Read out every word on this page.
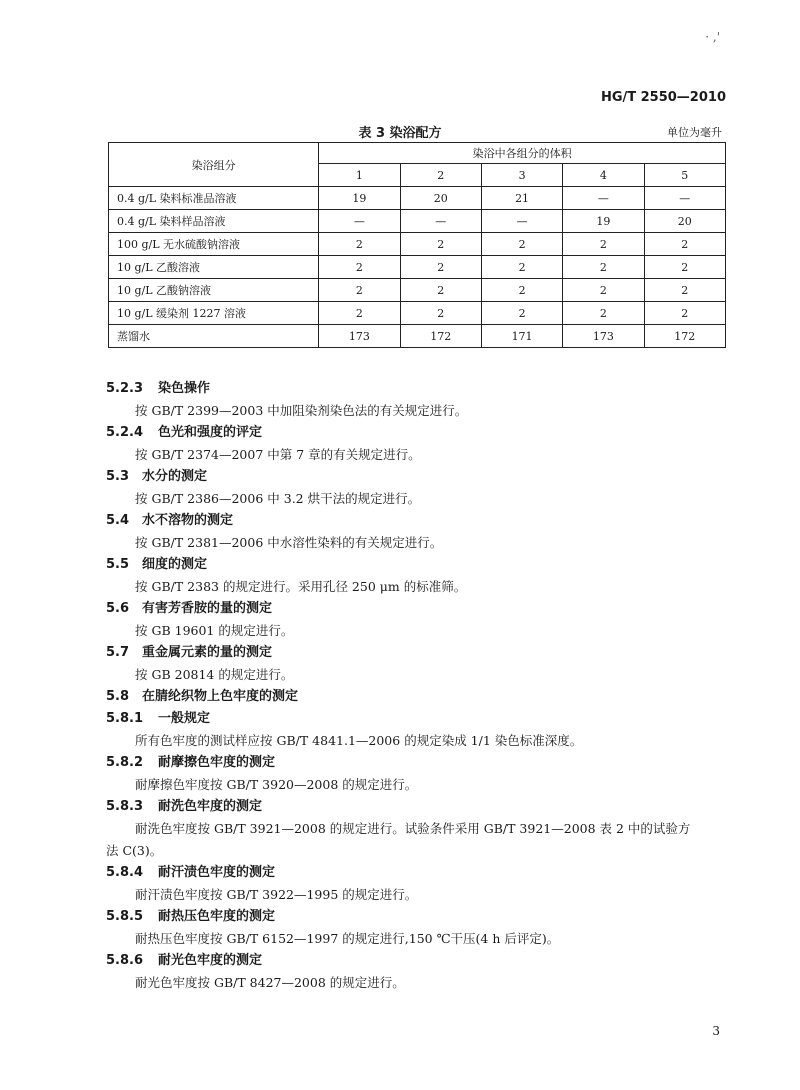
· ,'
HG/T 2550—2010
表 3 染浴配方	单位为毫升
染浴组分	染浴中各组分的体积				
	1	2	3	4	5
0.4 g/L 染料标准品溶液	19	20	21	—	—
0.4 g/L 染料样品溶液	—	—	—	19	20
100 g/L 无水硫酸钠溶液	2	2	2	2	2
10 g/L 乙酸溶液	2	2	2	2	2
10 g/L 乙酸钠溶液	2	2	2	2	2
10 g/L 缓染剂 1227 溶液	2	2	2	2	2
蒸馏水	173	172	171	173	172
5.2.3 染色操作

按 GB/T 2399—2003 中加阻染剂染色法的有关规定进行。

5.2.4 色光和强度的评定

按 GB/T 2374—2007 中第 7 章的有关规定进行。

5.3 水分的测定

按 GB/T 2386—2006 中 3.2 烘干法的规定进行。

5.4 水不溶物的测定

按 GB/T 2381—2006 中水溶性染料的有关规定进行。

5.5 细度的测定

按 GB/T 2383 的规定进行。采用孔径 250 μm 的标准筛。

5.6 有害芳香胺的量的测定

按 GB 19601 的规定进行。

5.7 重金属元素的量的测定

按 GB 20814 的规定进行。

5.8 在腈纶织物上色牢度的测定
5.8.1 一般规定

所有色牢度的测试样应按 GB/T 4841.1—2006 的规定染成 1/1 染色标准深度。

5.8.2 耐摩擦色牢度的测定

耐摩擦色牢度按 GB/T 3920—2008 的规定进行。

5.8.3 耐洗色牢度的测定

耐洗色牢度按 GB/T 3921—2008 的规定进行。试验条件采用 GB/T 3921—2008 表 2 中的试验方
法 C(3)。

5.8.4 耐汗渍色牢度的测定

耐汗渍色牢度按 GB/T 3922—1995 的规定进行。

5.8.5 耐热压色牢度的测定

耐热压色牢度按 GB/T 6152—1997 的规定进行,150 ℃干压(4 h 后评定)。

5.8.6 耐光色牢度的测定

耐光色牢度按 GB/T 8427—2008 的规定进行。

3
